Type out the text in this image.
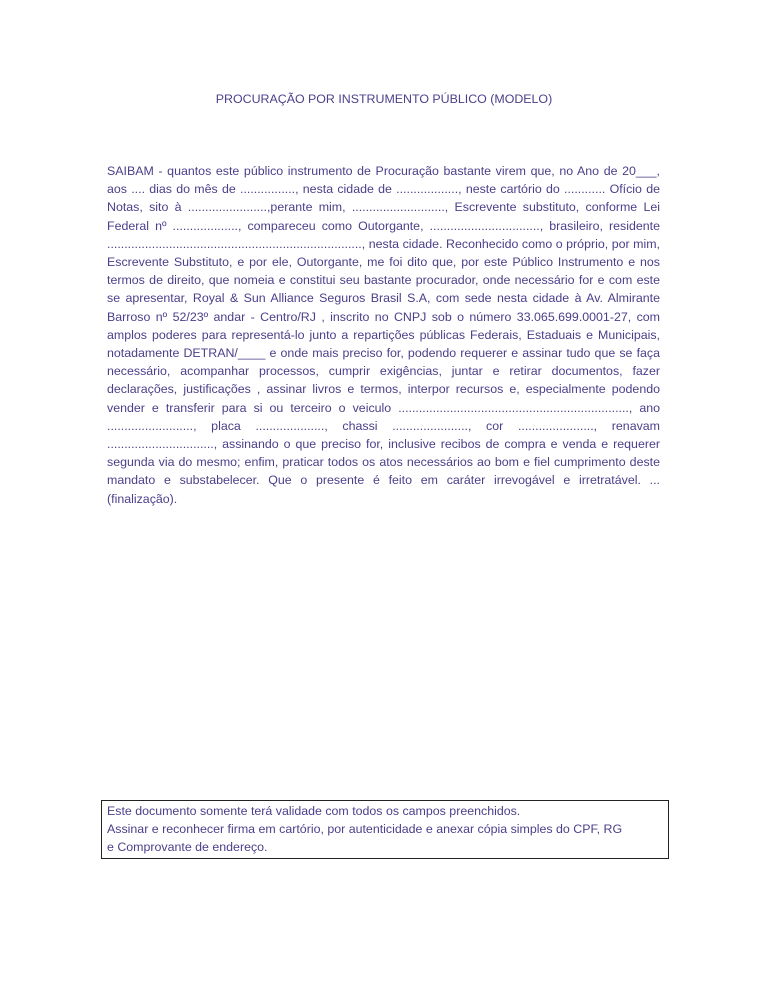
PROCURAÇÃO POR INSTRUMENTO PÚBLICO (MODELO)

SAIBAM - quantos este público instrumento de Procuração bastante virem que, no Ano de 20___, aos .... dias do mês de ................, nesta cidade de .................., neste cartório do ............ Ofício de Notas, sito à .......................,perante mim, ..........................., Escrevente substituto, conforme Lei Federal nº ..................., compareceu como Outorgante, ................................, brasileiro, residente .........................................................................., nesta cidade. Reconhecido como o próprio, por mim, Escrevente Substituto, e por ele, Outorgante, me foi dito que, por este Público Instrumento e nos termos de direito, que nomeia e constitui seu bastante procurador, onde necessário for e com este se apresentar, Royal & Sun Alliance Seguros Brasil S.A, com sede nesta cidade à Av. Almirante Barroso nº 52/23º andar - Centro/RJ , inscrito no CNPJ sob o número 33.065.699.0001-27, com amplos poderes para representá-lo junto a repartições públicas Federais, Estaduais e Municipais, notadamente DETRAN/____ e onde mais preciso for, podendo requerer e assinar tudo que se faça necessário, acompanhar processos, cumprir exigências, juntar e retirar documentos, fazer declarações, justificações , assinar livros e termos, interpor recursos e, especialmente podendo vender e transferir para si ou terceiro o veiculo ..................................................................., ano ........................., placa ...................., chassi ......................, cor ......................, renavam ..............................., assinando o que preciso for, inclusive recibos de compra e venda e requerer segunda via do mesmo; enfim, praticar todos os atos necessários ao bom e fiel cumprimento deste mandato e substabelecer. Que o presente é feito em caráter irrevogável e irretratável. ... (finalização).

Este documento somente terá validade com todos os campos preenchidos.
Assinar e reconhecer firma em cartório, por autenticidade e anexar cópia simples do CPF, RG
e Comprovante de endereço.
